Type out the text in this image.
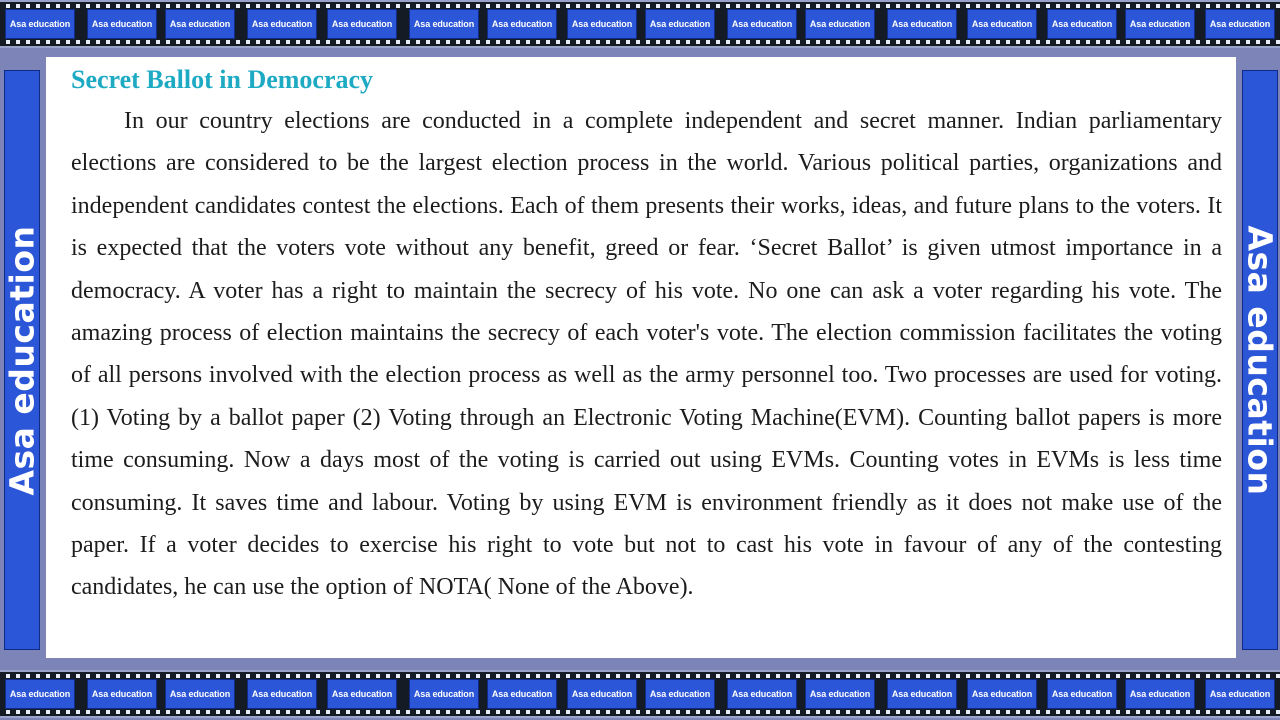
Asa education	Asa education	Asa education	Asa education	Asa education	Asa education	Asa education	Asa education	Asa education	Asa education	Asa education	Asa education	Asa education	Asa education	Asa education	Asa education
Asa education
Secret Ballot in Democracy

In our country elections are conducted in a complete independent and secret manner. Indian parliamentary elections are considered to be the largest election process in the world. Various political parties, organizations and independent candidates contest the elections. Each of them presents their works, ideas, and future plans to the voters. It is expected that the voters vote without any benefit, greed or fear. ‘Secret Ballot’ is given utmost importance in a democracy. A voter has a right to maintain the secrecy of his vote. No one can ask a voter regarding his vote. The amazing process of election maintains the secrecy of each voter's vote. The election commission facilitates the voting of all persons involved with the election process as well as the army personnel too. Two processes are used for voting. (1) Voting by a ballot paper (2) Voting through an Electronic Voting Machine(EVM). Counting ballot papers is more time consuming. Now a days most of the voting is carried out using EVMs. Counting votes in EVMs is less time consuming. It saves time and labour. Voting by using EVM is environment friendly as it does not make use of the paper. If a voter decides to exercise his right to vote but not to cast his vote in favour of any of the contesting candidates, he can use the option of NOTA( None of the Above).

Asa education
Asa education	Asa education	Asa education	Asa education	Asa education	Asa education	Asa education	Asa education	Asa education	Asa education	Asa education	Asa education	Asa education	Asa education	Asa education	Asa education
